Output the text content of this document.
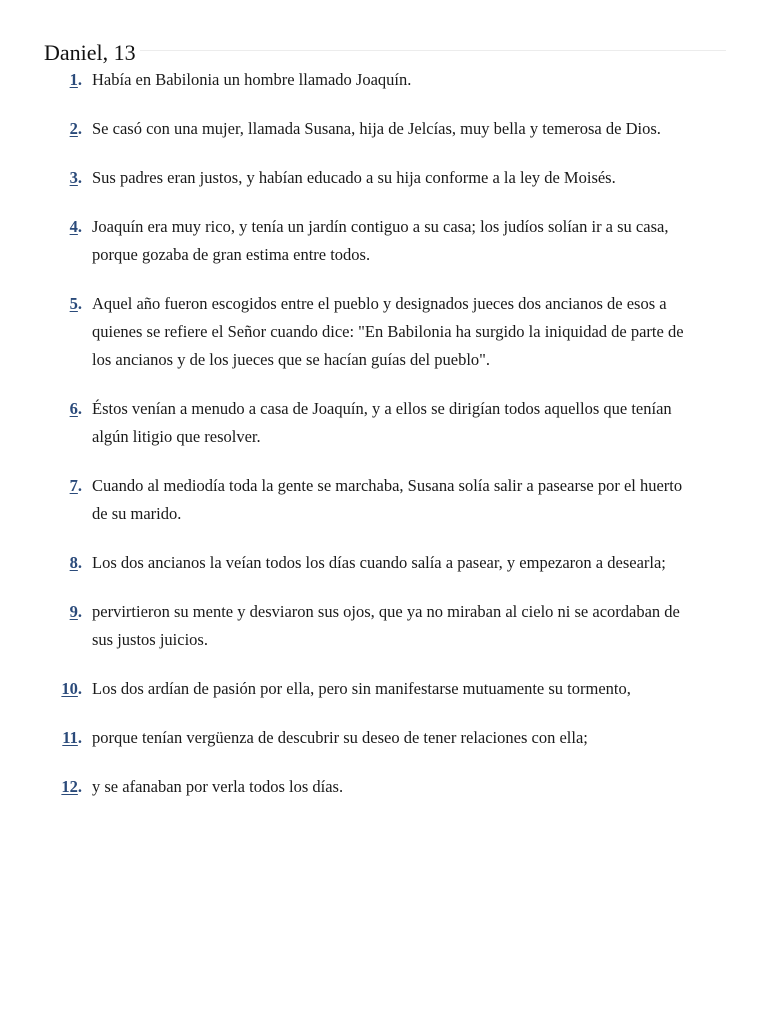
Daniel, 13
1. Había en Babilonia un hombre llamado Joaquín.
2. Se casó con una mujer, llamada Susana, hija de Jelcías, muy bella y temerosa de Dios.
3. Sus padres eran justos, y habían educado a su hija conforme a la ley de Moisés.
4. Joaquín era muy rico, y tenía un jardín contiguo a su casa; los judíos solían ir a su casa, porque gozaba de gran estima entre todos.
5. Aquel año fueron escogidos entre el pueblo y designados jueces dos ancianos de esos a quienes se refiere el Señor cuando dice: "En Babilonia ha surgido la iniquidad de parte de los ancianos y de los jueces que se hacían guías del pueblo".
6. Éstos venían a menudo a casa de Joaquín, y a ellos se dirigían todos aquellos que tenían algún litigio que resolver.
7. Cuando al mediodía toda la gente se marchaba, Susana solía salir a pasearse por el huerto de su marido.
8. Los dos ancianos la veían todos los días cuando salía a pasear, y empezaron a desearla;
9. pervirtieron su mente y desviaron sus ojos, que ya no miraban al cielo ni se acordaban de sus justos juicios.
10. Los dos ardían de pasión por ella, pero sin manifestarse mutuamente su tormento,
11. porque tenían vergüenza de descubrir su deseo de tener relaciones con ella;
12. y se afanaban por verla todos los días.
